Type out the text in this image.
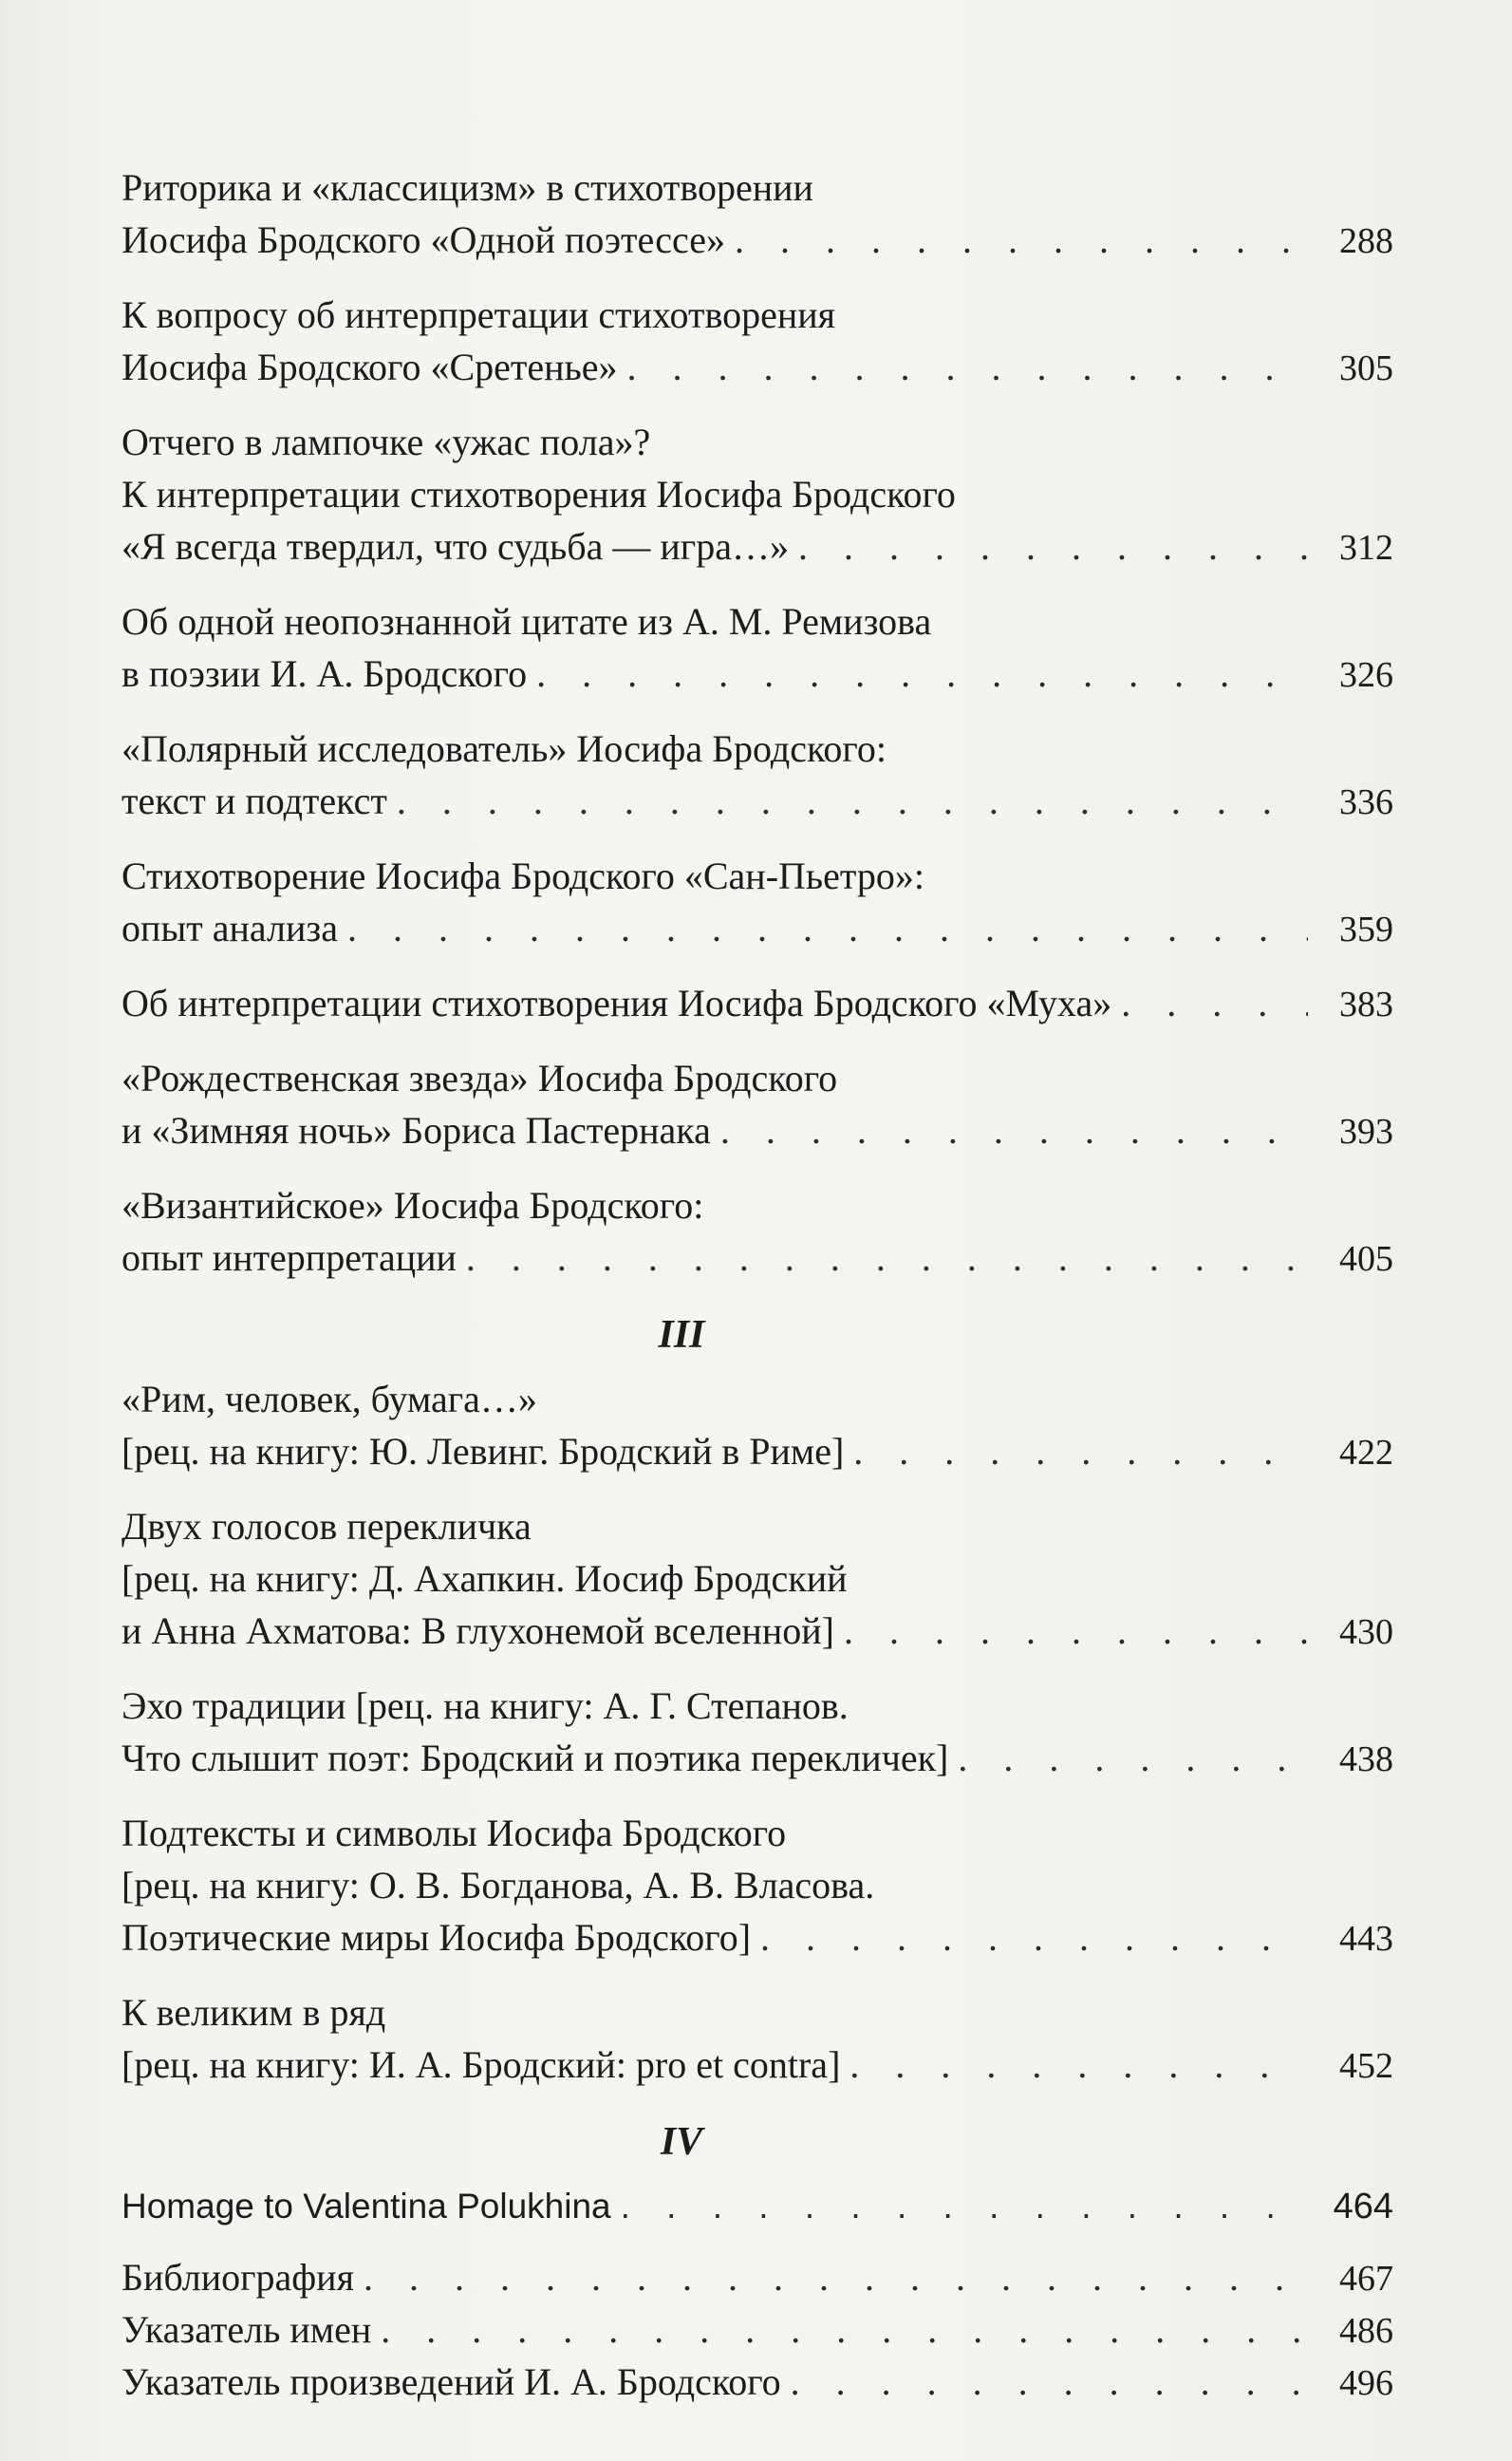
Риторика и «классицизм» в стихотворении
Иосифа Бродского «Одной поэтессе» . . .	288
К вопросу об интерпретации стихотворения
Иосифа Бродского «Сретенье» . . .	305
Отчего в лампочке «ужас пола»?
К интерпретации стихотворения Иосифа Бродского
«Я всегда твердил, что судьба — игра…» . . .	312
Об одной неопознанной цитате из А. М. Ремизова
в поэзии И. А. Бродского . . .	326
«Полярный исследователь» Иосифа Бродского:
текст и подтекст . . .	336
Стихотворение Иосифа Бродского «Сан-Пьетро»:
опыт анализа . . .	359
Об интерпретации стихотворения Иосифа Бродского «Муха» . . .	383
«Рождественская звезда» Иосифа Бродского
и «Зимняя ночь» Бориса Пастернака . . .	393
«Византийское» Иосифа Бродского:
опыт интерпретации . . .	405
III
«Рим, человек, бумага…»
[рец. на книгу: Ю. Левинг. Бродский в Риме] . . .	422
Двух голосов перекличка
[рец. на книгу: Д. Ахапкин. Иосиф Бродский
и Анна Ахматова: В глухонемой вселенной] . . .	430
Эхо традиции [рец. на книгу: А. Г. Степанов.
Что слышит поэт: Бродский и поэтика перекличек] . . .	438
Подтексты и символы Иосифа Бродского
[рец. на книгу: О. В. Богданова, А. В. Власова.
Поэтические миры Иосифа Бродского] . . .	443
К великим в ряд
[рец. на книгу: И. А. Бродский: pro et contra] . . .	452
IV
Homage to Valentina Polukhina . . .	464
Библиография . . .	467
Указатель имен . . .	486
Указатель произведений И. А. Бродского . . .	496
